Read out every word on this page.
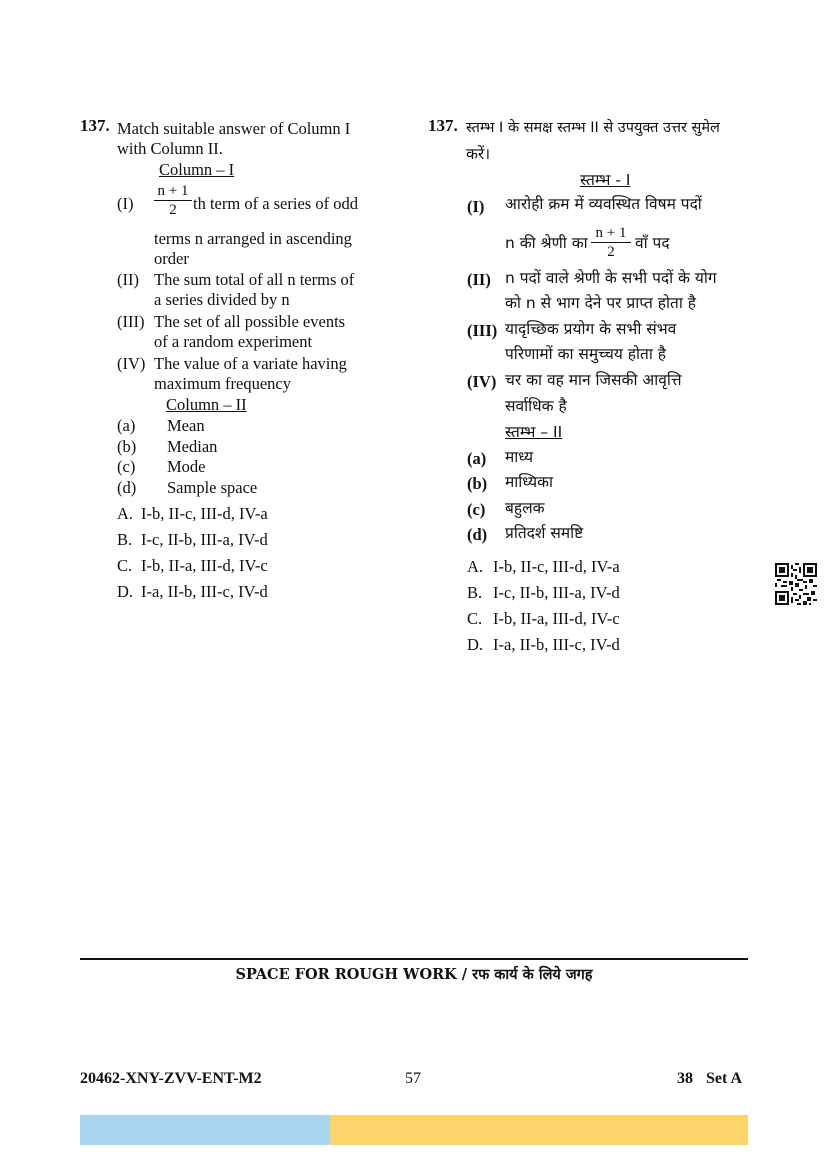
137. Match suitable answer of Column I
with Column II.
Column – I
$(I) \frac{n + 1}{2}$ th term of a series of odd
terms n arranged in ascending
order
(II) The sum total of all n terms of
a series divided by n
(III) The set of all possible events
of a random experiment
(IV) The value of a variate having
maximum frequency
Column – II
(a) Mean
(b) Median
(c) Mode
(d) Sample space
A. I-b, II-c, III-d, IV-a
B. I-c, II-b, III-a, IV-d
C. I-b, II-a, III-d, IV-c
D. I-a, II-b, III-c, IV-d
137. स्तम्भ I के समक्ष स्तम्भ II से उपयुक्त उत्तर सुमेल
करें।
स्तम्भ - I
(I) आरोही क्रम में व्यवस्थित विषम पदों
n की श्रेणी का $\frac{n + 1}{2}$ वाँ पद
(II) n पदों वाले श्रेणी के सभी पदों के योग
को n से भाग देने पर प्राप्त होता है
(III) यादृच्छिक प्रयोग के सभी संभव
परिणामों का समुच्चय होता है
(IV) चर का वह मान जिसकी आवृत्ति
सर्वाधिक है
स्तम्भ – II
(a) माध्य
(b) माध्यिका
(c) बहुलक
(d) प्रतिदर्श समष्टि
A. I-b, II-c, III-d, IV-a
B. I-c, II-b, III-a, IV-d
C. I-b, II-a, III-d, IV-c
D. I-a, II-b, III-c, IV-d
SPACE FOR ROUGH WORK / रफ कार्य के लिये जगह
20462-XNY-ZVV-ENT-M2	57	38 Set A
